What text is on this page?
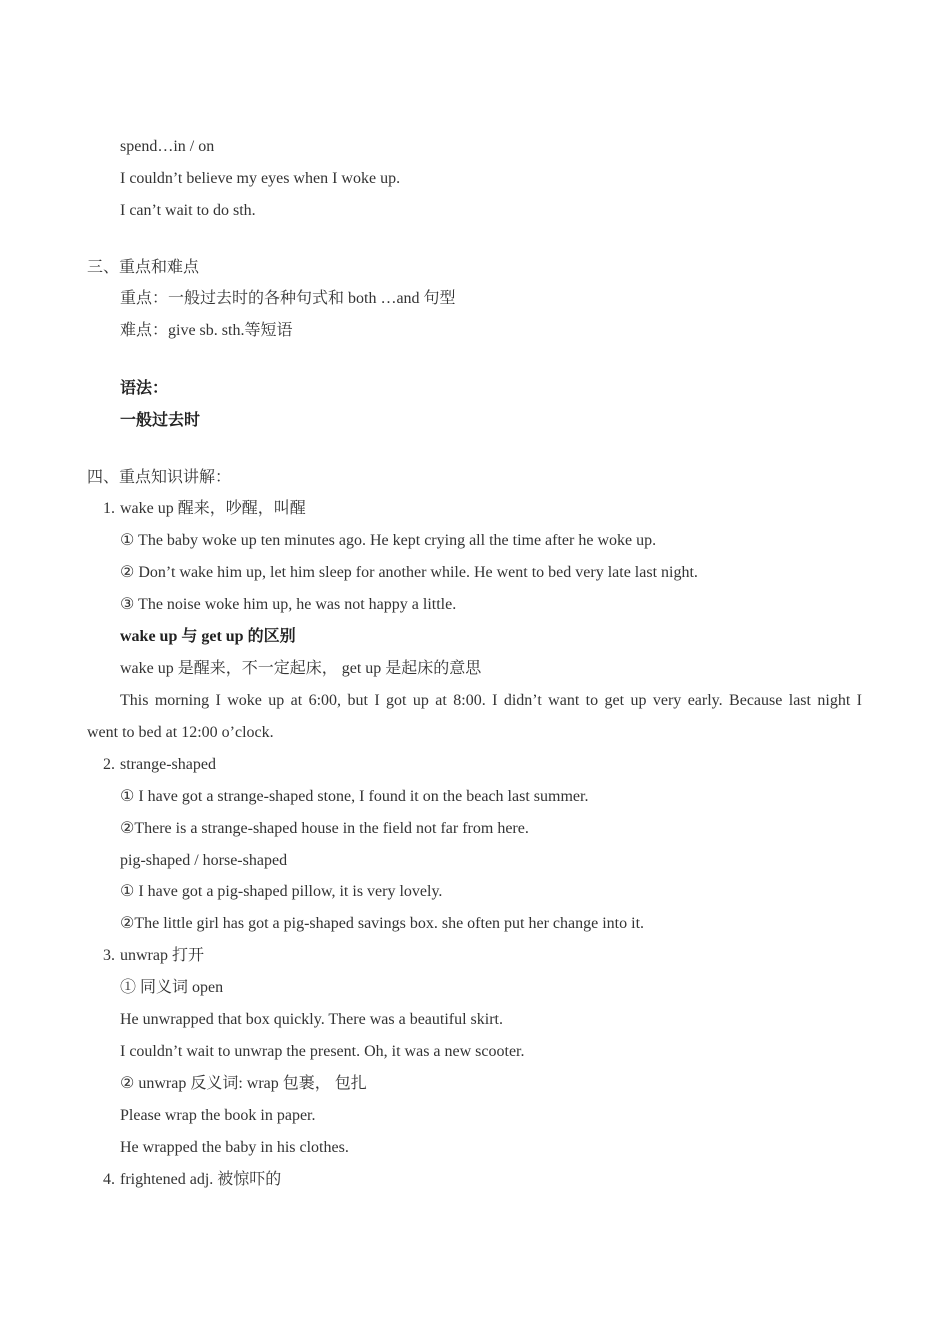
spend…in / on
I couldn’t believe my eyes when I woke up.
I can’t wait to do sth.
三、重点和难点
重点：一般过去时的各种句式和 both …and 句型
难点：give sb. sth.等短语
语法：
一般过去时
四、重点知识讲解：
1. wake up 醒来，吵醒，叫醒
① The baby woke up ten minutes ago. He kept crying all the time after he woke up.
② Don’t wake him up, let him sleep for another while. He went to bed very late last night.
③ The noise woke him up, he was not happy a little.
wake up 与 get up 的区别
wake up 是醒来，不一定起床， get up 是起床的意思
This morning I woke up at 6:00, but I got up at 8:00. I didn’t want to get up very early. Because last night I
went to bed at 12:00 o’clock.
2. strange-shaped
① I have got a strange-shaped stone, I found it on the beach last summer.
②There is a strange-shaped house in the field not far from here.
pig-shaped / horse-shaped
① I have got a pig-shaped pillow, it is very lovely.
②The little girl has got a pig-shaped savings box. she often put her change into it.
3. unwrap 打开
① 同义词 open
He unwrapped that box quickly. There was a beautiful skirt.
I couldn’t wait to unwrap the present. Oh, it was a new scooter.
② unwrap 反义词: wrap 包裹， 包扎
Please wrap the book in paper.
He wrapped the baby in his clothes.
4. frightened adj. 被惊吓的
